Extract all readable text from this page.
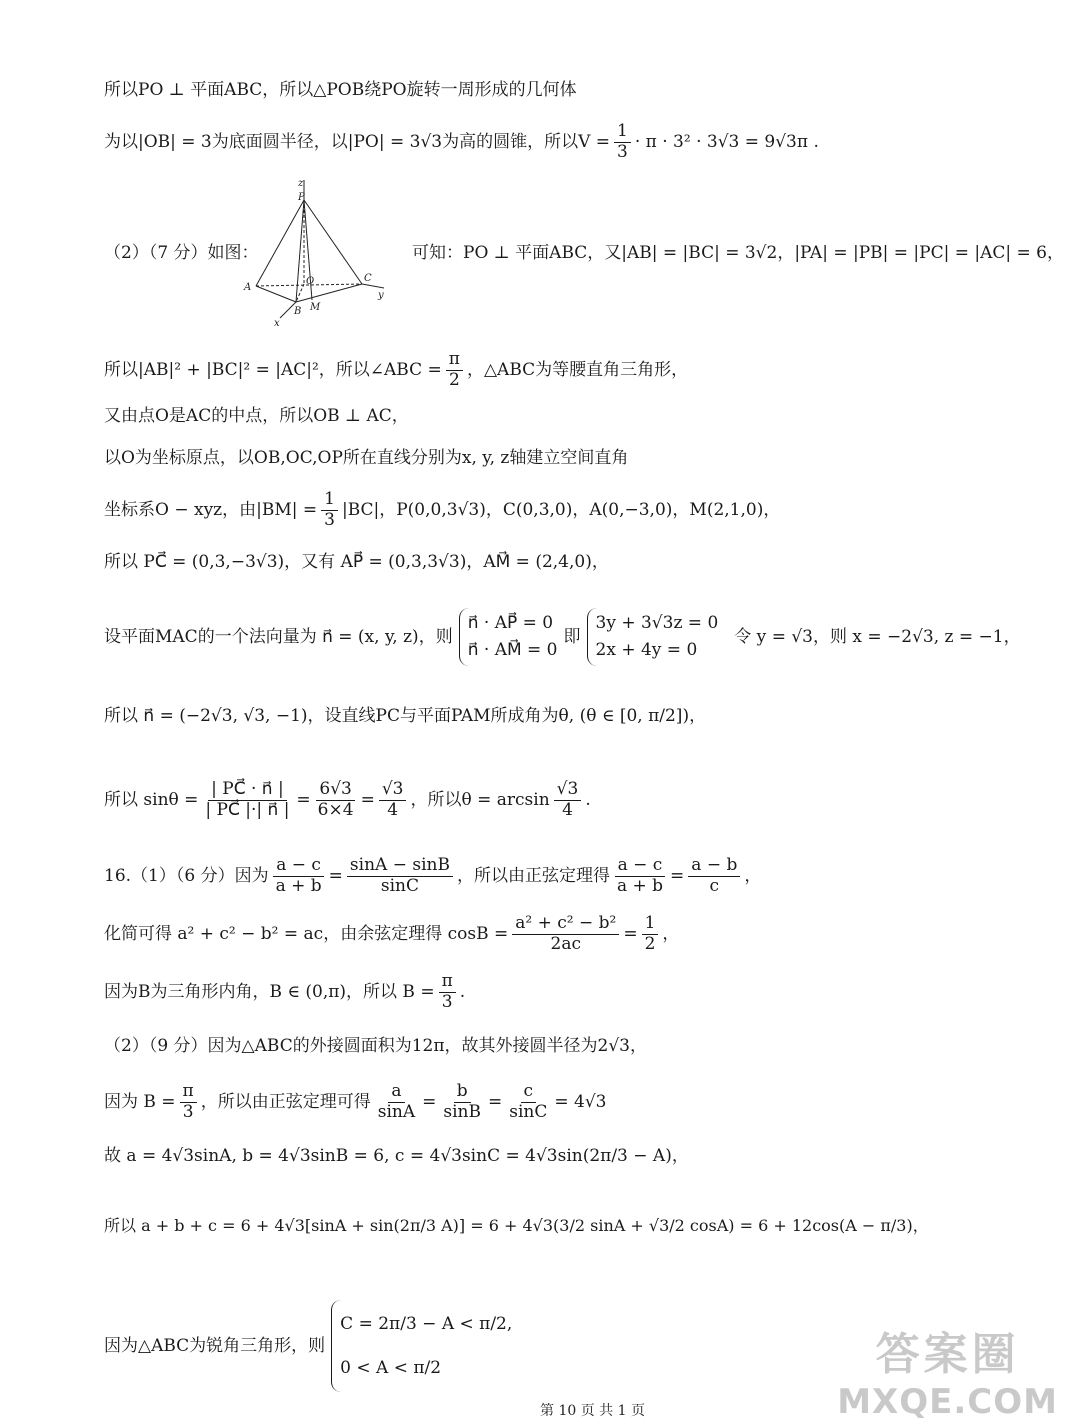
所以PO ⊥ 平面ABC，所以△POB绕PO旋转一周形成的几何体
为以|OB| = 3为底面圆半径，以|PO| = 3√3为高的圆锥，所以$V = \frac{1}{3} \cdot \pi \cdot 3^2 \cdot 3√3 = 9√3\pi$ .
（2）（7 分）如图：
z
P
A
O	C
y
B M
x
可知：PO ⊥ 平面ABC，又|AB| = |BC| = 3√2，|PA| = |PB| = |PC| = |AC| = 6，
所以|AB|² + |BC|² = |AC|²，所以∠ABC = $\frac{\pi}{2}$ ，△ABC为等腰直角三角形，
又由点O是AC的中点，所以OB ⊥ AC，
以O为坐标原点，以OB,OC,OP所在直线分别为x, y, z轴建立空间直角
坐标系O − xyz，由$|BM| = \frac{1}{3} |BC|$，P(0,0,3√3)，C(0,3,0)，A(0,−3,0)，M(2,1,0)，
所以 PC⃗ = (0,3,−3√3)，又有 AP⃗ = (0,3,3√3)，AM⃗ = (2,4,0)，
设平面MAC的一个法向量为 n⃗ = (x, y, z)，则
n⃗ · AP⃗ = 0
n⃗ · AM⃗ = 0
即
3y + 3√3z = 0
2x + 4y = 0
令 y = √3，则 x = −2√3, z = −1，
所以 n⃗ = (−2√3, √3, −1)，设直线PC与平面PAM所成角为θ, (θ ∈ [0, π/2])，
所以 $\sin\theta = \frac{| PC⃗ \cdot n⃗ |}{| PC⃗ |\cdot| n⃗ |} = \frac{6√3}{6\times 4} = \frac{√3}{4}$ ，所以$\theta = \arcsin \frac{√3}{4}$ .
16.（1）（6 分）因为 $\frac{a - c}{a + b} = \frac{\sin A - \sin B}{\sin C}$ ，所以由正弦定理得 $\frac{a - c}{a + b} = \frac{a - b}{c}$ ，
化简可得 a² + c² − b² = ac，由余弦定理得 $\cos B = \frac{\text{a² + c² − b²}}{2ac} = \frac{1}{2}$ ，
因为B为三角形内角，B ∈ (0,π)，所以 $B = \frac{\pi}{3}$ .
（2）（9 分）因为△ABC的外接圆面积为12π，故其外接圆半径为2√3，
因为 $B = \frac{\pi}{3}$ ，所以由正弦定理可得 $\frac{a}{\sin A} = \frac{b}{\sin B} = \frac{c}{\sin C} = 4√3$
故 a = 4√3sinA, b = 4√3sinB = 6, c = 4√3sinC = 4√3sin(2π/3 − A)，
所以 a + b + c = 6 + 4√3[sinA + sin(2π/3 A)] = 6 + 4√3(3/2 sinA + √3/2 cosA) = 6 + 12cos(A − π/3)，
因为△ABC为锐角三角形，则
C = 2π/3 − A < π/2,
0 < A < π/2	答案圈
MXQE.COM
第 10 页 共 1 页
